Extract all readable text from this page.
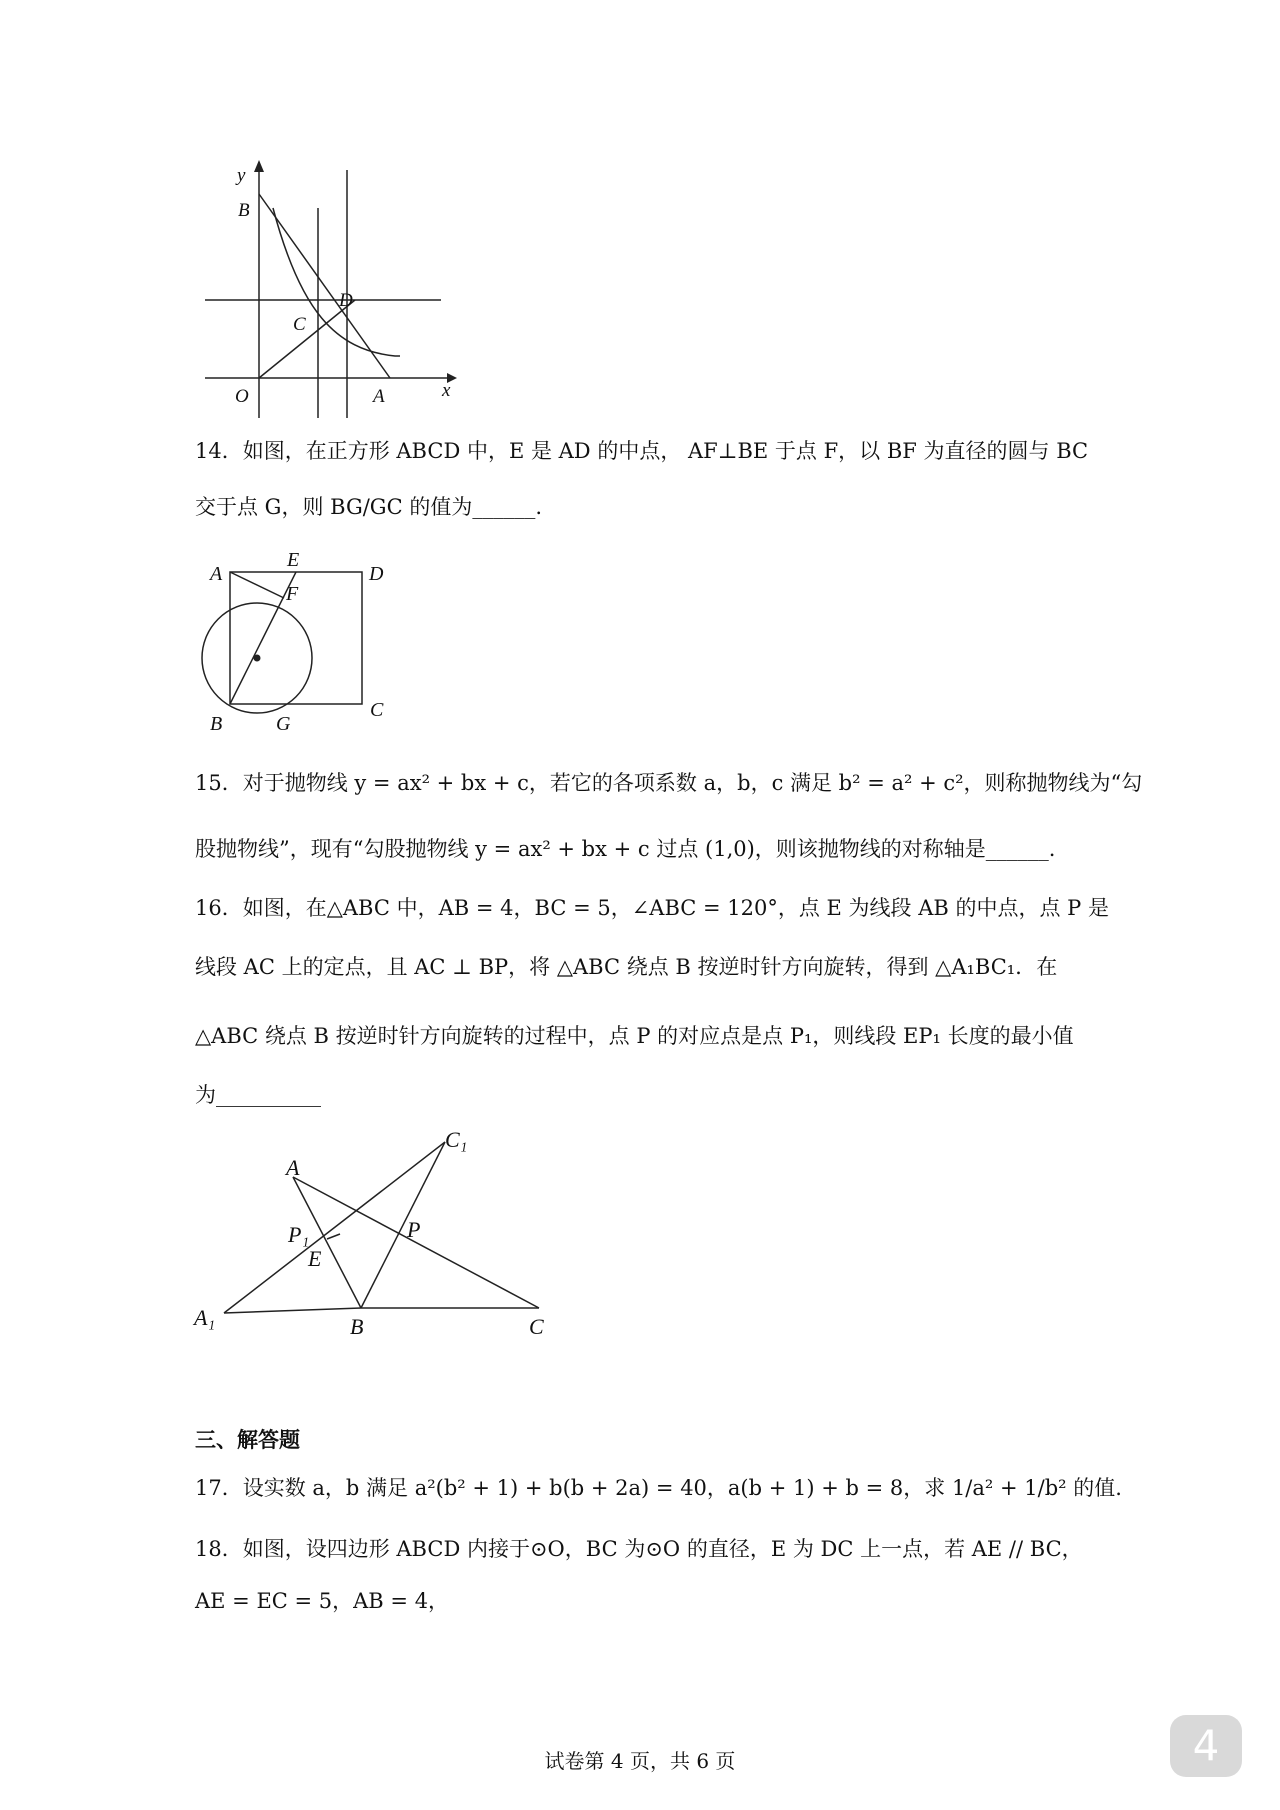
y
x
O	A
B
C
D
14．如图，在正方形 ABCD 中，E 是 AD 的中点， AF⊥BE 于点 F，以 BF 为直径的圆与 BC
交于点 G，则 BG/GC 的值为______.
A
E
D
F
B	G
C
15．对于抛物线 y = ax² + bx + c，若它的各项系数 a，b，c 满足 b² = a² + c²，则称抛物线为“勾
股抛物线”，现有“勾股抛物线 y = ax² + bx + c 过点 (1,0)，则该抛物线的对称轴是______.
16．如图，在△ABC 中，AB = 4，BC = 5，∠ABC = 120°，点 E 为线段 AB 的中点，点 P 是
线段 AC 上的定点，且 AC ⊥ BP，将 △ABC 绕点 B 按逆时针方向旋转，得到 △A₁BC₁．在
△ABC 绕点 B 按逆时针方向旋转的过程中，点 P 的对应点是点 P₁，则线段 EP₁ 长度的最小值
为__________
C₁
A
P₁	P
E
A₁	B	C
三、解答题
17．设实数 a，b 满足 a²(b² + 1) + b(b + 2a) = 40，a(b + 1) + b = 8，求 1/a² + 1/b² 的值.
18．如图，设四边形 ABCD 内接于⊙O，BC 为⊙O 的直径，E 为 DC 上一点，若 AE // BC，
AE = EC = 5，AB = 4，
试卷第 4 页，共 6 页	4
